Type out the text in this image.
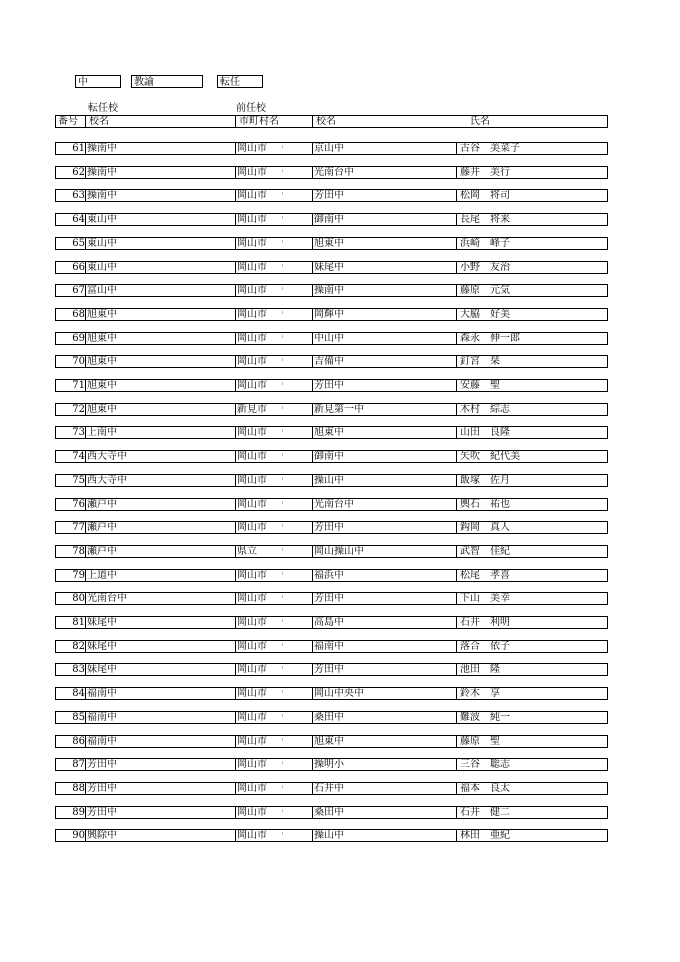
中	教諭	転任
転任校	前任校
番号 校名	市町村名	校名	氏名
61 操南中	岡山市	京山中	古谷　美菜子
62 操南中	岡山市	光南台中	藤井　美行
63 操南中	岡山市	芳田中	松岡　将司
64 東山中	岡山市	御南中	長尾　将来
65 東山中	岡山市	旭東中	浜崎　峰子
66 東山中	岡山市	妹尾中	小野　友治
67 富山中	岡山市	操南中	藤原　元気
68 旭東中	岡山市	岡輝中	大脇　好美
69 旭東中	岡山市	中山中	森永　伸一郎
70 旭東中	岡山市	吉備中	釘宮　栞
71 旭東中	岡山市	芳田中	安藤　聖
72 旭東中	新見市	新見第一中	木村　綜志
73 上南中	岡山市	旭東中	山田　良隆
74 西大寺中	岡山市	御南中	矢吹　紀代美
75 西大寺中	岡山市	操山中	飯塚　佐月
76 瀬戸中	岡山市	光南台中	輿石　祐也
77 瀬戸中	岡山市	芳田中	鈎岡　真人
78 瀬戸中	県立	岡山操山中	武智　佳紀
79 上道中	岡山市	福浜中	松尾　孝喜
80 光南台中	岡山市	芳田中	下山　美幸
81 妹尾中	岡山市	高島中	石井　利明
82 妹尾中	岡山市	福南中	落合　依子
83 妹尾中	岡山市	芳田中	池田　隆
84 福南中	岡山市	岡山中央中	鈴木　享
85 福南中	岡山市	桑田中	難波　純一
86 福南中	岡山市	旭東中	藤原　聖
87 芳田中	岡山市	操明小	三谷　聡志
88 芳田中	岡山市	石井中	福本　良太
89 芳田中	岡山市	桑田中	石井　健二
90 興除中	岡山市	操山中	林田　亜紀
